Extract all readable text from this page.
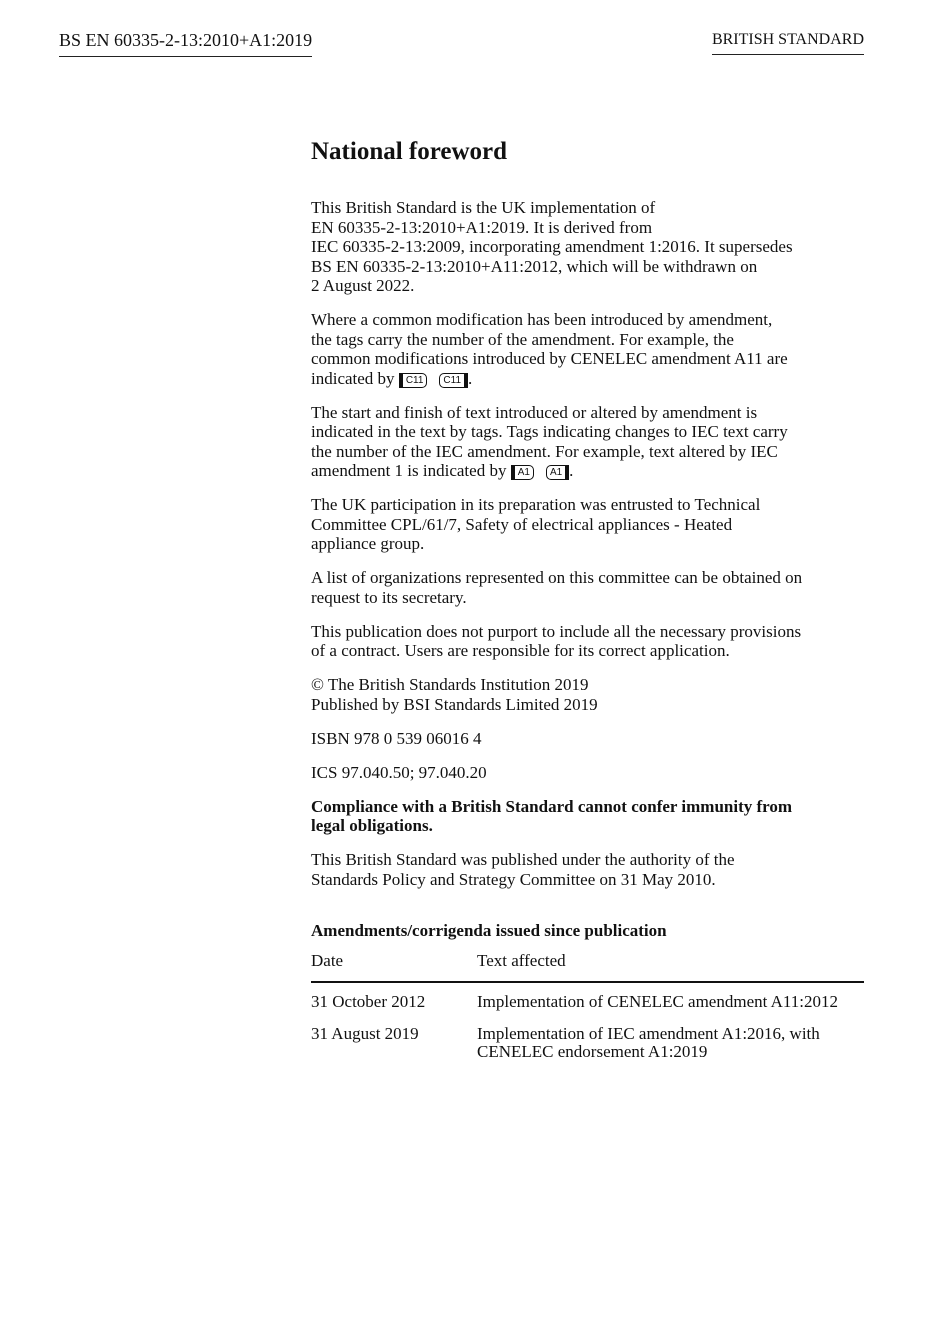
BS EN 60335-2-13:2010+A1:2019	BRITISH STANDARD
National foreword

This British Standard is the UK implementation of
EN 60335-2-13:2010+A1:2019. It is derived from
IEC 60335-2-13:2009, incorporating amendment 1:2016. It supersedes
BS EN 60335-2-13:2010+A11:2012, which will be withdrawn on
2 August 2022.

Where a common modification has been introduced by amendment,
the tags carry the number of the amendment. For example, the
common modifications introduced by CENELEC amendment A11 are
indicated by C11 C11 .

The start and finish of text introduced or altered by amendment is
indicated in the text by tags. Tags indicating changes to IEC text carry
the number of the IEC amendment. For example, text altered by IEC
amendment 1 is indicated by A1 A1 .

The UK participation in its preparation was entrusted to Technical
Committee CPL/61/7, Safety of electrical appliances - Heated
appliance group.

A list of organizations represented on this committee can be obtained on
request to its secretary.

This publication does not purport to include all the necessary provisions
of a contract. Users are responsible for its correct application.

© The British Standards Institution 2019
Published by BSI Standards Limited 2019

ISBN 978 0 539 06016 4

ICS 97.040.50; 97.040.20

Compliance with a British Standard cannot confer immunity from
legal obligations.

This British Standard was published under the authority of the
Standards Policy and Strategy Committee on 31 May 2010.

Amendments/corrigenda issued since publication
Date	Text affected
31 October 2012	Implementation of CENELEC amendment A11:2012

31 August 2019	Implementation of IEC amendment A1:2016, with
CENELEC endorsement A1:2019
